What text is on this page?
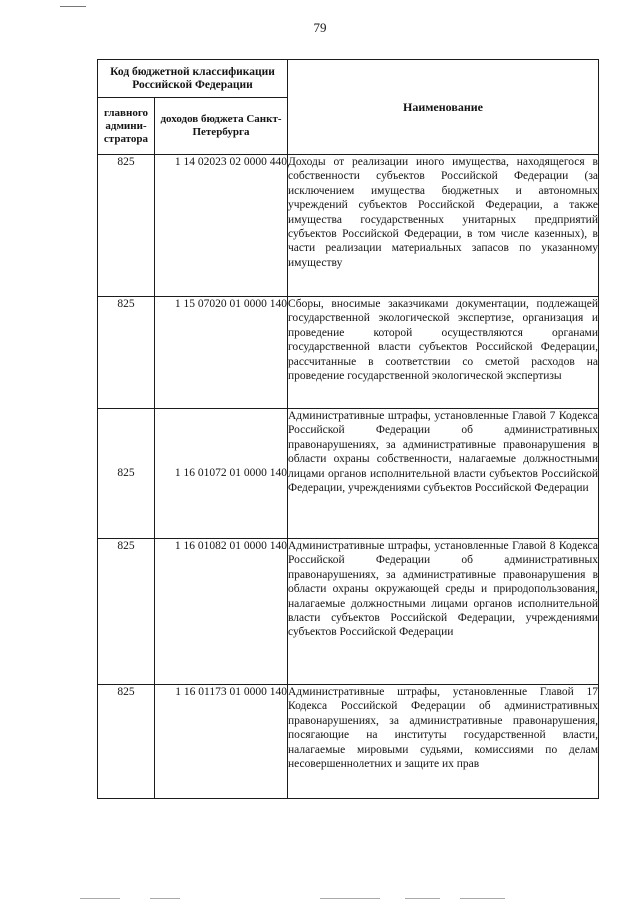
79
Код бюджетной классификации Российской Федерации		Наименование
главного админи-стратора	доходов бюджета Санкт-Петербурга	
825	1 14 02023 02 0000 440	Доходы от реализации иного имущества, находящегося в собственности субъектов Российской Федерации (за исключением имущества бюджетных и автономных учреждений субъектов Российской Федерации, а также имущества государственных унитарных предприятий субъектов Российской Федерации, в том числе казенных), в части реализации материальных запасов по указанному имуществу
825	1 15 07020 01 0000 140	Сборы, вносимые заказчиками документации, подлежащей государственной экологической экспертизе, организация и проведение которой осуществляются органами государственной власти субъектов Российской Федерации, рассчитанные в соответствии со сметой расходов на проведение государственной экологической экспертизы
825	1 16 01072 01 0000 140	Административные штрафы, установленные Главой 7 Кодекса Российской Федерации об административных правонарушениях, за административные правонарушения в области охраны собственности, налагаемые должностными лицами органов исполнительной власти субъектов Российской Федерации, учреждениями субъектов Российской Федерации
825	1 16 01082 01 0000 140	Административные штрафы, установленные Главой 8 Кодекса Российской Федерации об административных правонарушениях, за административные правонарушения в области охраны окружающей среды и природопользования, налагаемые должностными лицами органов исполнительной власти субъектов Российской Федерации, учреждениями субъектов Российской Федерации
825	1 16 01173 01 0000 140	Административные штрафы, установленные Главой 17 Кодекса Российской Федерации об административных правонарушениях, за административные правонарушения, посягающие на институты государственной власти, налагаемые мировыми судьями, комиссиями по делам несовершеннолетних и защите их прав
